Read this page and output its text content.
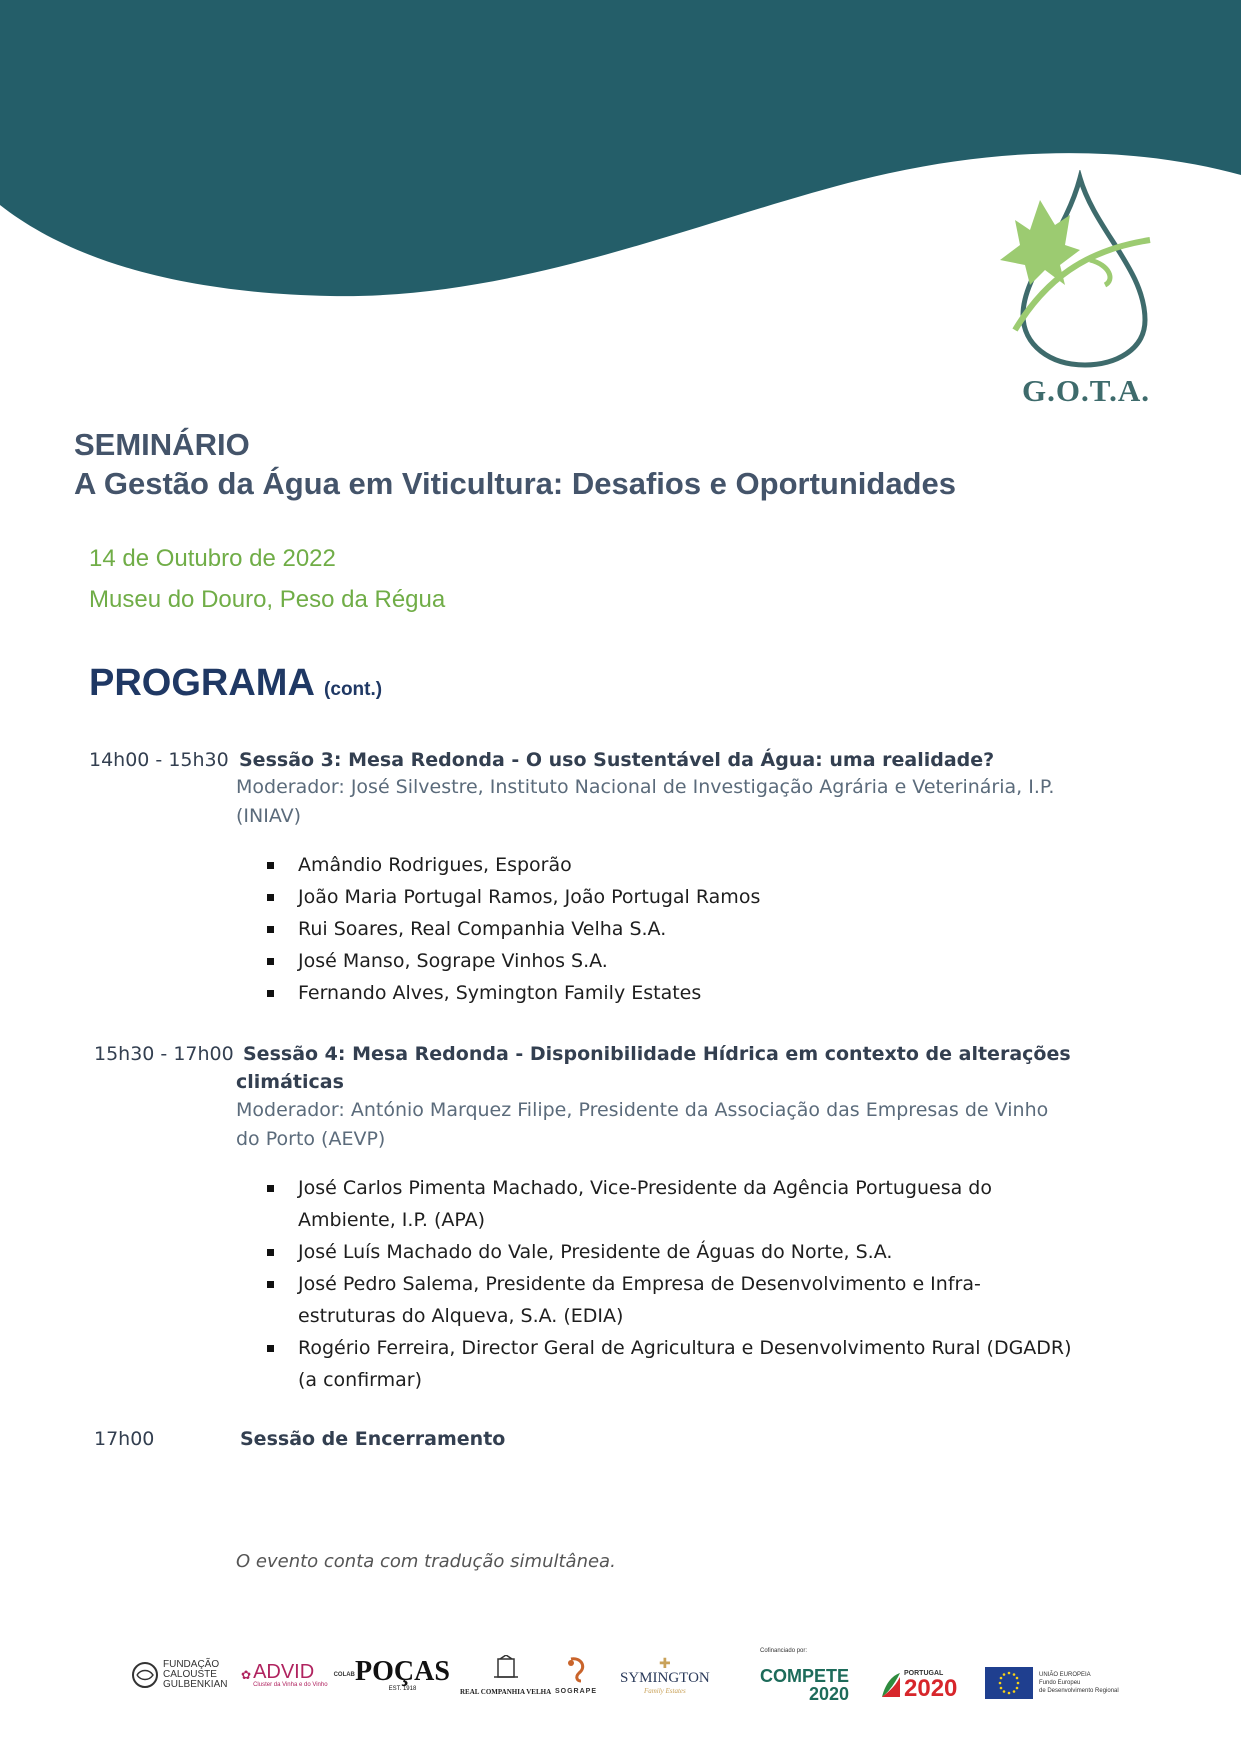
G.O.T.A.
SEMINÁRIO
A Gestão da Água em Viticultura: Desafios e Oportunidades
14 de Outubro de 2022
Museu do Douro, Peso da Régua
PROGRAMA (cont.)
14h00 - 15h30 Sessão 3: Mesa Redonda - O uso Sustentável da Água: uma realidade?
Moderador: José Silvestre, Instituto Nacional de Investigação Agrária e Veterinária, I.P.
(INIAV)
Amândio Rodrigues, Esporão
João Maria Portugal Ramos, João Portugal Ramos
Rui Soares, Real Companhia Velha S.A.
José Manso, Sogrape Vinhos S.A.
Fernando Alves, Symington Family Estates
15h30 - 17h00 Sessão 4: Mesa Redonda - Disponibilidade Hídrica em contexto de alterações
climáticas
Moderador: António Marquez Filipe, Presidente da Associação das Empresas de Vinho
do Porto (AEVP)
José Carlos Pimenta Machado, Vice-Presidente da Agência Portuguesa do Ambiente, I.P. (APA)
José Luís Machado do Vale, Presidente de Águas do Norte, S.A.
José Pedro Salema, Presidente da Empresa de Desenvolvimento e Infra-estruturas do Alqueva, S.A. (EDIA)
Rogério Ferreira, Director Geral de Agricultura e Desenvolvimento Rural (DGADR) (a confirmar)
17h00	Sessão de Encerramento
O evento conta com tradução simultânea.
FUNDAÇÃO
CALOUSTE
GULBENKIAN
✿ ADVID
Cluster da Vinha e do Vinho
COLAB POÇAS
EST. 1918	REAL COMPANHIA VELHA SOGRAPE
✚
SYMINGTON
Family Estates
Cofinanciado por:
COMPETE
2020
PORTUGAL
2020	UNIÃO EUROPEIA
Fundo Europeu
de Desenvolvimento Regional
